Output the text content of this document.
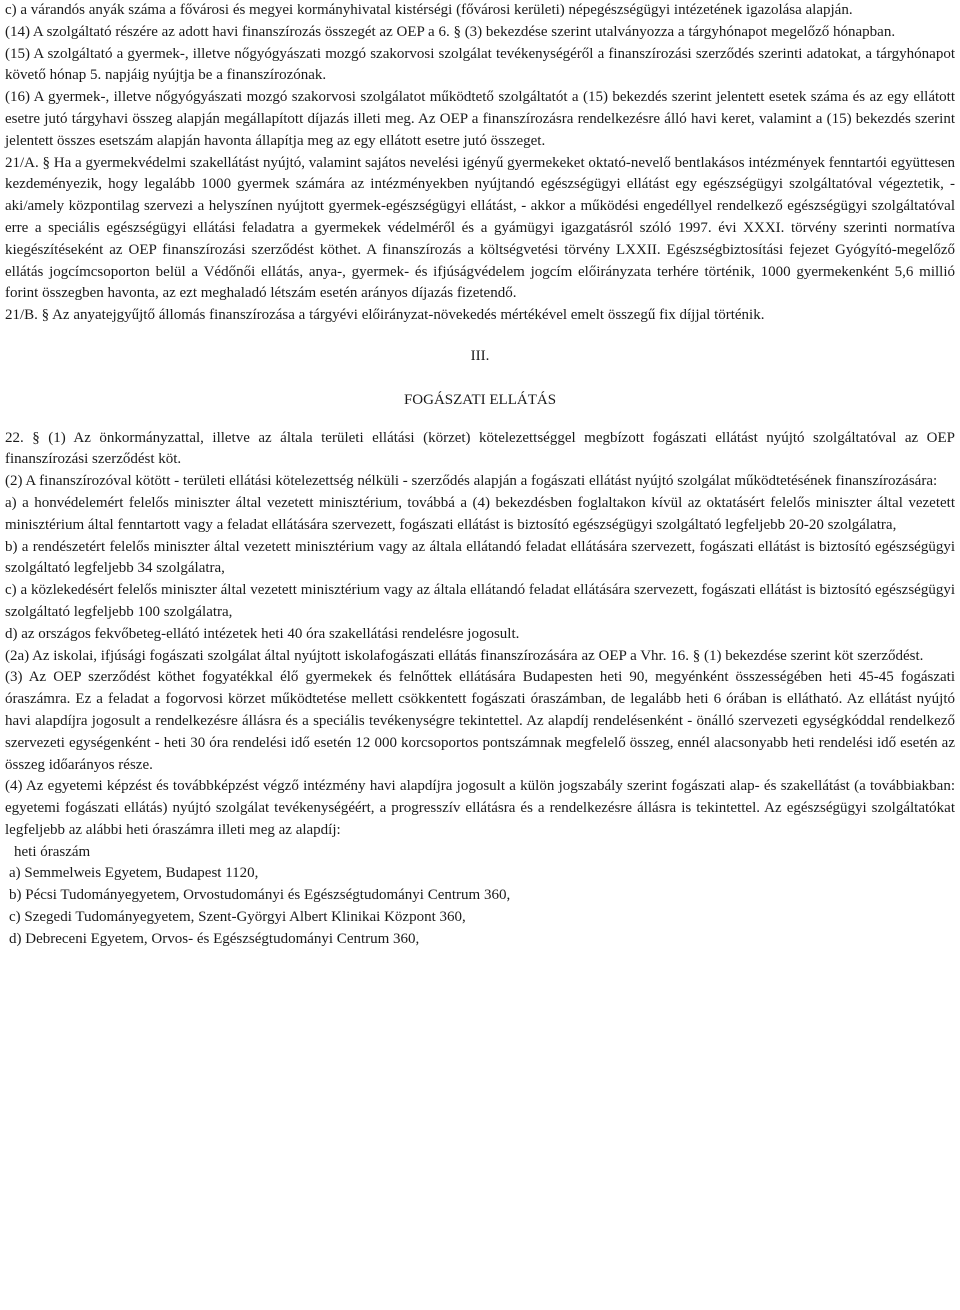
c) a várandós anyák száma a fővárosi és megyei kormányhivatal kistérségi (fővárosi kerületi) népegészségügyi intézetének igazolása alapján.

(14) A szolgáltató részére az adott havi finanszírozás összegét az OEP a 6. § (3) bekezdése szerint utalványozza a tárgyhónapot megelőző hónapban.

(15) A szolgáltató a gyermek-, illetve nőgyógyászati mozgó szakorvosi szolgálat tevékenységéről a finanszírozási szerződés szerinti adatokat, a tárgyhónapot követő hónap 5. napjáig nyújtja be a finanszírozónak.

(16) A gyermek-, illetve nőgyógyászati mozgó szakorvosi szolgálatot működtető szolgáltatót a (15) bekezdés szerint jelentett esetek száma és az egy ellátott esetre jutó tárgyhavi összeg alapján megállapított díjazás illeti meg. Az OEP a finanszírozásra rendelkezésre álló havi keret, valamint a (15) bekezdés szerint jelentett összes esetszám alapján havonta állapítja meg az egy ellátott esetre jutó összeget.

21/A. § Ha a gyermekvédelmi szakellátást nyújtó, valamint sajátos nevelési igényű gyermekeket oktató-nevelő bentlakásos intézmények fenntartói együttesen kezdeményezik, hogy legalább 1000 gyermek számára az intézményekben nyújtandó egészségügyi ellátást egy egészségügyi szolgáltatóval végeztetik, - aki/amely központilag szervezi a helyszínen nyújtott gyermek-egészségügyi ellátást, - akkor a működési engedéllyel rendelkező egészségügyi szolgáltatóval erre a speciális egészségügyi ellátási feladatra a gyermekek védelméről és a gyámügyi igazgatásról szóló 1997. évi XXXI. törvény szerinti normatíva kiegészítéseként az OEP finanszírozási szerződést köthet. A finanszírozás a költségvetési törvény LXXII. Egészségbiztosítási fejezet Gyógyító-megelőző ellátás jogcímcsoporton belül a Védőnői ellátás, anya-, gyermek- és ifjúságvédelem jogcím előirányzata terhére történik, 1000 gyermekenként 5,6 millió forint összegben havonta, az ezt meghaladó létszám esetén arányos díjazás fizetendő.

21/B. § Az anyatejgyűjtő állomás finanszírozása a tárgyévi előirányzat-növekedés mértékével emelt összegű fix díjjal történik.

III.

FOGÁSZATI ELLÁTÁS

22. § (1) Az önkormányzattal, illetve az általa területi ellátási (körzet) kötelezettséggel megbízott fogászati ellátást nyújtó szolgáltatóval az OEP finanszírozási szerződést köt.

(2) A finanszírozóval kötött - területi ellátási kötelezettség nélküli - szerződés alapján a fogászati ellátást nyújtó szolgálat működtetésének finanszírozására:

a) a honvédelemért felelős miniszter által vezetett minisztérium, továbbá a (4) bekezdésben foglaltakon kívül az oktatásért felelős miniszter által vezetett minisztérium által fenntartott vagy a feladat ellátására szervezett, fogászati ellátást is biztosító egészségügyi szolgáltató legfeljebb 20-20 szolgálatra,

b) a rendészetért felelős miniszter által vezetett minisztérium vagy az általa ellátandó feladat ellátására szervezett, fogászati ellátást is biztosító egészségügyi szolgáltató legfeljebb 34 szolgálatra,

c) a közlekedésért felelős miniszter által vezetett minisztérium vagy az általa ellátandó feladat ellátására szervezett, fogászati ellátást is biztosító egészségügyi szolgáltató legfeljebb 100 szolgálatra,

d) az országos fekvőbeteg-ellátó intézetek heti 40 óra szakellátási rendelésre jogosult.

(2a) Az iskolai, ifjúsági fogászati szolgálat által nyújtott iskolafogászati ellátás finanszírozására az OEP a Vhr. 16. § (1) bekezdése szerint köt szerződést.

(3) Az OEP szerződést köthet fogyatékkal élő gyermekek és felnőttek ellátására Budapesten heti 90, megyénként összességében heti 45-45 fogászati óraszámra. Ez a feladat a fogorvosi körzet működtetése mellett csökkentett fogászati óraszámban, de legalább heti 6 órában is ellátható. Az ellátást nyújtó havi alapdíjra jogosult a rendelkezésre állásra és a speciális tevékenységre tekintettel. Az alapdíj rendelésenként - önálló szervezeti egységkóddal rendelkező szervezeti egységenként - heti 30 óra rendelési idő esetén 12 000 korcsoportos pontszámnak megfelelő összeg, ennél alacsonyabb heti rendelési idő esetén az összeg időarányos része.

(4) Az egyetemi képzést és továbbképzést végző intézmény havi alapdíjra jogosult a külön jogszabály szerint fogászati alap- és szakellátást (a továbbiakban: egyetemi fogászati ellátás) nyújtó szolgálat tevékenységéért, a progresszív ellátásra és a rendelkezésre állásra is tekintettel. Az egészségügyi szolgáltatókat legfeljebb az alábbi heti óraszámra illeti meg az alapdíj:

heti óraszám

a) Semmelweis Egyetem, Budapest 1120,

b) Pécsi Tudományegyetem, Orvostudományi és Egészségtudományi Centrum 360,

c) Szegedi Tudományegyetem, Szent-Györgyi Albert Klinikai Központ 360,

d) Debreceni Egyetem, Orvos- és Egészségtudományi Centrum 360,
